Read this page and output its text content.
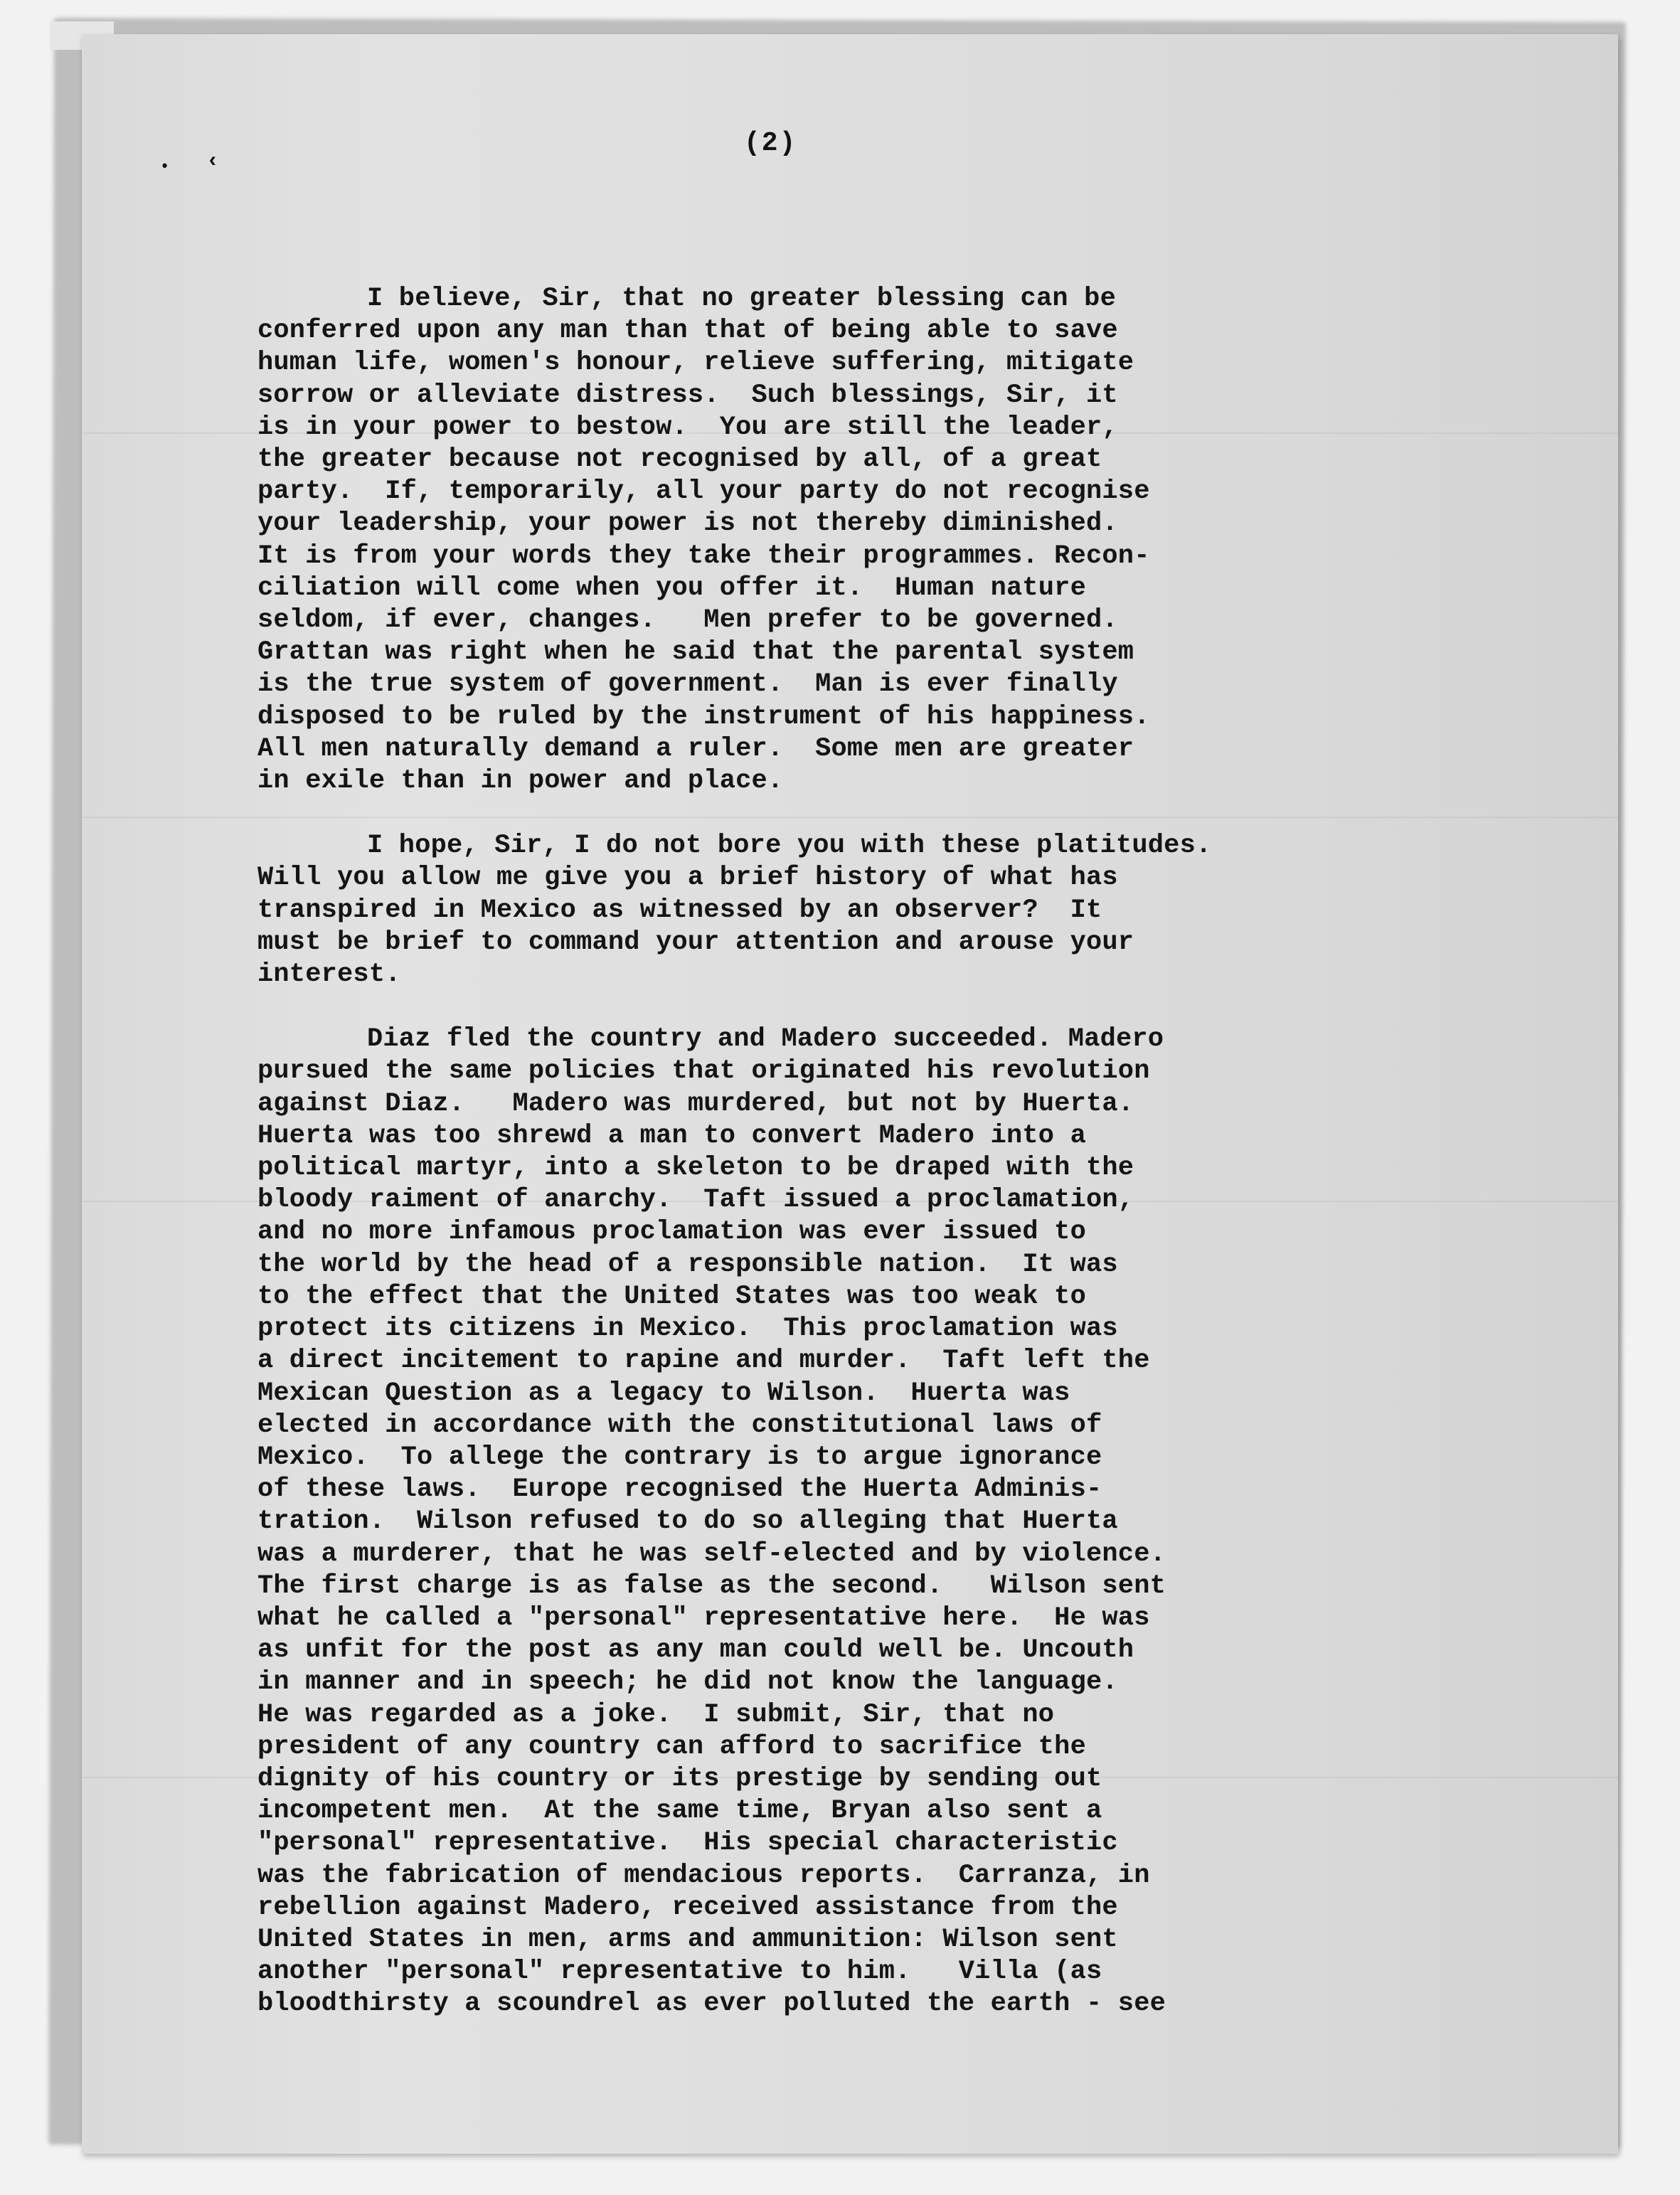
(2)
• ‹
I believe, Sir, that no greater blessing can be
conferred upon any man than that of being able to save
human life, women's honour, relieve suffering, mitigate
sorrow or alleviate distress.  Such blessings, Sir, it
is in your power to bestow.  You are still the leader,
the greater because not recognised by all, of a great
party.  If, temporarily, all your party do not recognise
your leadership, your power is not thereby diminished.
It is from your words they take their programmes. Recon-
ciliation will come when you offer it.  Human nature
seldom, if ever, changes.   Men prefer to be governed.
Grattan was right when he said that the parental system
is the true system of government.  Man is ever finally
disposed to be ruled by the instrument of his happiness.
All men naturally demand a ruler.  Some men are greater
in exile than in power and place.
I hope, Sir, I do not bore you with these platitudes.
Will you allow me give you a brief history of what has
transpired in Mexico as witnessed by an observer?  It
must be brief to command your attention and arouse your
interest.
Diaz fled the country and Madero succeeded. Madero
pursued the same policies that originated his revolution
against Diaz.   Madero was murdered, but not by Huerta.
Huerta was too shrewd a man to convert Madero into a
political martyr, into a skeleton to be draped with the
bloody raiment of anarchy.  Taft issued a proclamation,
and no more infamous proclamation was ever issued to
the world by the head of a responsible nation.  It was
to the effect that the United States was too weak to
protect its citizens in Mexico.  This proclamation was
a direct incitement to rapine and murder.  Taft left the
Mexican Question as a legacy to Wilson.  Huerta was
elected in accordance with the constitutional laws of
Mexico.  To allege the contrary is to argue ignorance
of these laws.  Europe recognised the Huerta Adminis-
tration.  Wilson refused to do so alleging that Huerta
was a murderer, that he was self-elected and by violence.
The first charge is as false as the second.   Wilson sent
what he called a "personal" representative here.  He was
as unfit for the post as any man could well be. Uncouth
in manner and in speech; he did not know the language.
He was regarded as a joke.  I submit, Sir, that no
president of any country can afford to sacrifice the
dignity of his country or its prestige by sending out
incompetent men.  At the same time, Bryan also sent a
"personal" representative.  His special characteristic
was the fabrication of mendacious reports.  Carranza, in
rebellion against Madero, received assistance from the
United States in men, arms and ammunition: Wilson sent
another "personal" representative to him.   Villa (as
bloodthirsty a scoundrel as ever polluted the earth - see
